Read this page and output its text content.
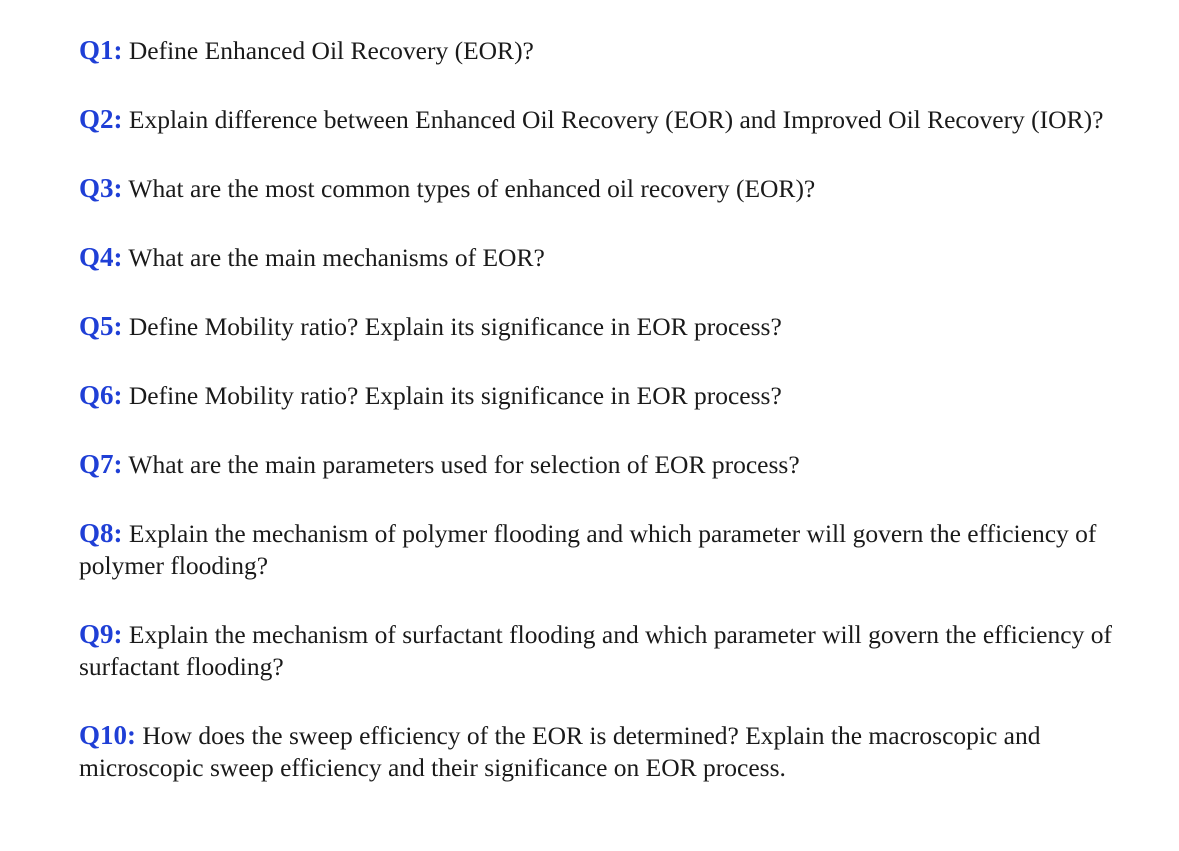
Q1: Define Enhanced Oil Recovery (EOR)?

Q2: Explain difference between Enhanced Oil Recovery (EOR) and Improved Oil Recovery (IOR)?

Q3: What are the most common types of enhanced oil recovery (EOR)?

Q4: What are the main mechanisms of EOR?

Q5: Define Mobility ratio? Explain its significance in EOR process?

Q6: Define Mobility ratio? Explain its significance in EOR process?

Q7: What are the main parameters used for selection of EOR process?

Q8: Explain the mechanism of polymer flooding and which parameter will govern the efficiency of polymer flooding?

Q9: Explain the mechanism of surfactant flooding and which parameter will govern the efficiency of surfactant flooding?

Q10: How does the sweep efficiency of the EOR is determined? Explain the macroscopic and microscopic sweep efficiency and their significance on EOR process.
